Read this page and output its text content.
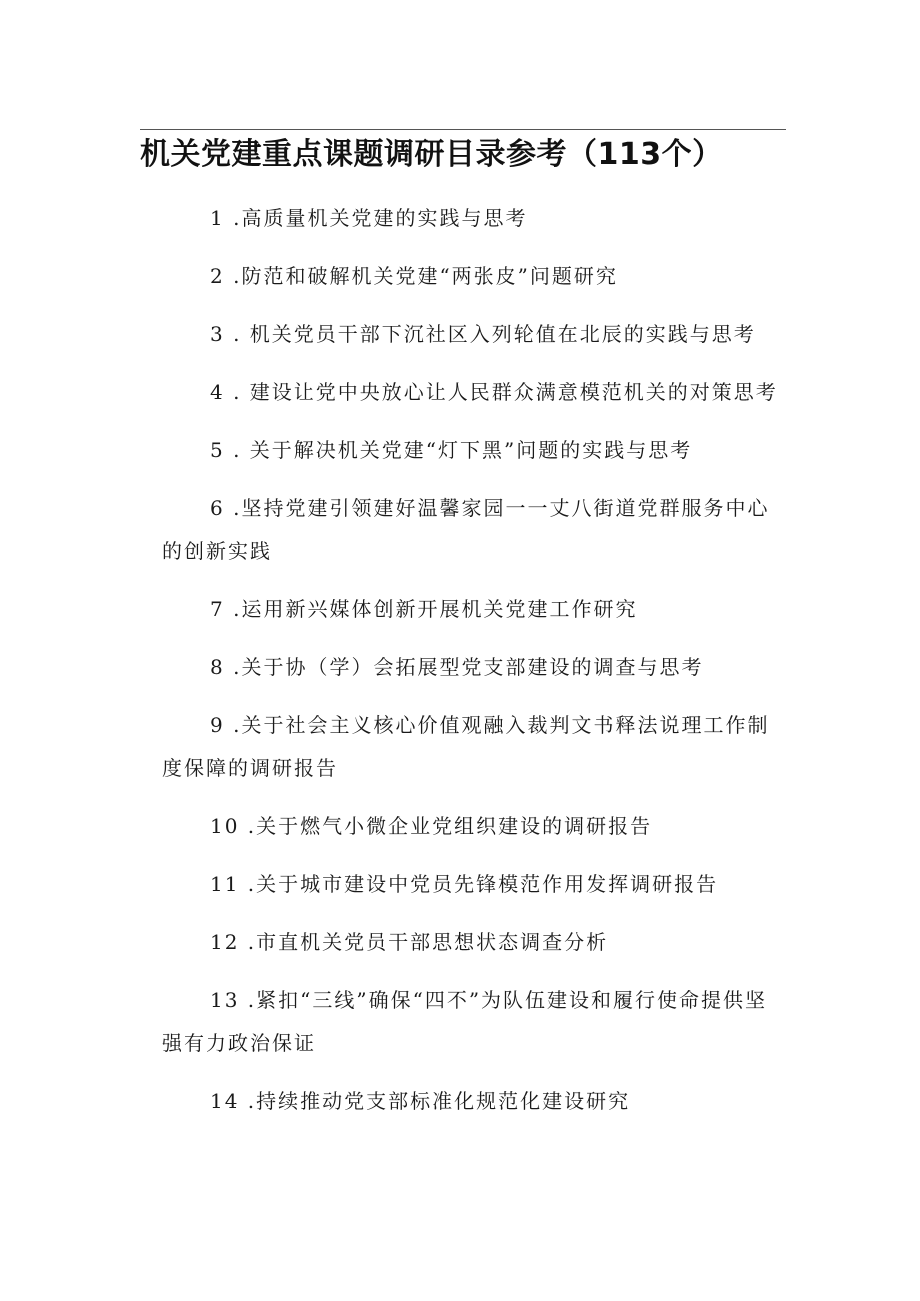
机关党建重点课题调研目录参考（113个）
1 .高质量机关党建的实践与思考
2 .防范和破解机关党建“两张皮”问题研究
3 . 机关党员干部下沉社区入列轮值在北辰的实践与思考
4 . 建设让党中央放心让人民群众满意模范机关的对策思考
5 . 关于解决机关党建“灯下黑”问题的实践与思考
6 .坚持党建引领建好温馨家园一一丈八街道党群服务中心的创新实践
7 .运用新兴媒体创新开展机关党建工作研究
8 .关于协（学）会拓展型党支部建设的调查与思考
9 .关于社会主义核心价值观融入裁判文书释法说理工作制度保障的调研报告
10 .关于燃气小微企业党组织建设的调研报告
11 .关于城市建设中党员先锋模范作用发挥调研报告
12 .市直机关党员干部思想状态调查分析
13 .紧扣“三线”确保“四不”为队伍建设和履行使命提供坚强有力政治保证
14 .持续推动党支部标准化规范化建设研究
